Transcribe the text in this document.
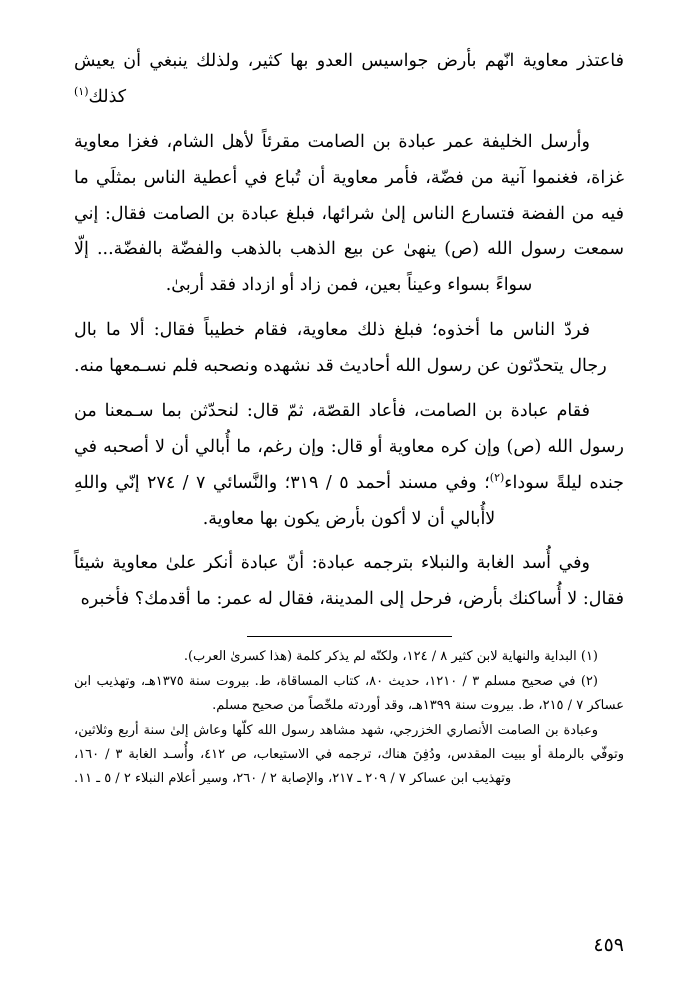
فاعتذر معاوية انّهم بأرض جواسيس العدو بها كثير، ولذلك ينبغي أن يعيش كذلك$^{(١)}$

وأرسل الخليفة عمر عبادة بن الصامت مقرئاً لأهل الشام، فغزا معاوية غزاة، فغنموا آنية من فضّة، فأمر معاوية أن تُباع في أعطية الناس بمثلَي ما فيه من الفضة فتسارع الناس إلىٰ شرائها، فبلغ عبادة بن الصامت فقال: إني سمعت رسول الله (ص) ينهىٰ عن بيع الذهب بالذهب والفضّة بالفضّة... إلّا سواءً بسواء وعيناً بعين، فمن زاد أو ازداد فقد أربىٰ.

فردّ الناس ما أخذوه؛ فبلغ ذلك معاوية، فقام خطيباً فقال: ألا ما بال رجال يتحدّثون عن رسول الله أحاديث قد نشهده ونصحبه فلم نسـمعها منه.

فقام عبادة بن الصامت، فأعاد القصّة، ثمّ قال: لنحدّثن بما سـمعنا من رسول الله (ص) وإن كره معاوية أو قال: وإن رغم، ما أُبالي أن لا أصحبه في جنده ليلةً سوداء$^{(٢)}$؛ وفي مسند أحمد ٥ / ٣١٩؛ والنَّسائي ٧ / ٢٧٤ إنّي واللهِ لاأُبالي أن لا أكون بأرض يكون بها معاوية.

وفي أُسد الغابة والنبلاء بترجمه عبادة: أنّ عبادة أنكر علىٰ معاوية شيئاً فقال: لا أُساكنك بأرض، فرحل إلى المدينة، فقال له عمر: ما أقدمك؟ فأخبره

(١) البداية والنهاية لابن كثير ٨ / ١٢٤، ولكنّه لم يذكر كلمة (هذا كسرىٰ العرب).

(٢) في صحيح مسلم ٣ / ١٢١٠، حديث ٨٠، كتاب المساقاة، ط. بيروت سنة ١٣٧٥هـ، وتهذيب ابن عساكر ٧ / ٢١٥، ط. بيروت سنة ١٣٩٩هـ، وقد أوردته ملخّصاً من صحيح مسلم.

وعبادة بن الصامت الأنصاري الخزرجي، شهد مشاهد رسول الله كلّها وعاش إلىٰ سنة أربع وثلاثين، وتوفّي بالرملة أو ببيت المقدس، ودُفِنَ هناك، ترجمه في الاستيعاب، ص ٤١٢، وأُسـد الغابة ٣ / ١٦٠، وتهذيب ابن عساكر ٧ / ٢٠٩ ـ ٢١٧، والإصابة ٢ / ٢٦٠، وسير أعلام النبلاء ٢ / ٥ ـ ١١.

٤٥٩
